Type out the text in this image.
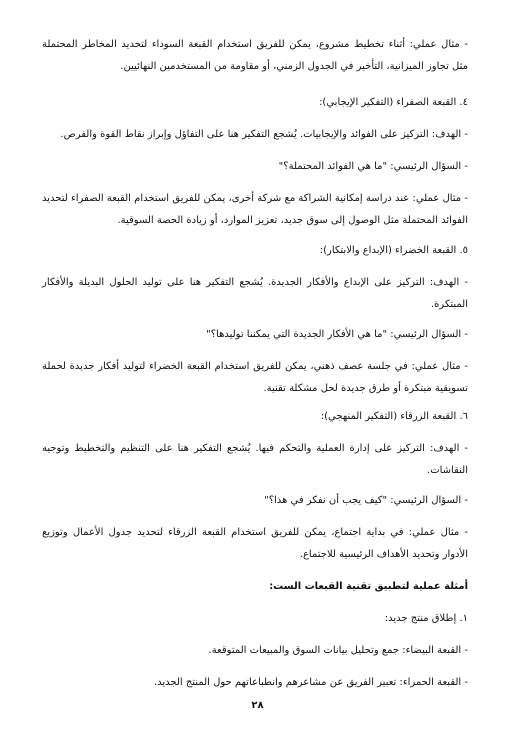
- مثال عملي: أثناء تخطيط مشروع، يمكن للفريق استخدام القبعة السوداء لتحديد المخاطر المحتملة مثل تجاوز الميزانية، التأخير في الجدول الزمني، أو مقاومة من المستخدمين النهائيين.

٤. القبعة الصفراء (التفكير الإيجابي):

- الهدف: التركيز على الفوائد والإيجابيات. يُشجع التفكير هنا على التفاؤل وإبراز نقاط القوة والفرص.

- السؤال الرئيسي: "ما هي الفوائد المحتملة؟"

- مثال عملي: عند دراسة إمكانية الشراكة مع شركة أخرى، يمكن للفريق استخدام القبعة الصفراء لتحديد الفوائد المحتملة مثل الوصول إلى سوق جديد، تعزيز الموارد، أو زيادة الحصة السوقية.

٥. القبعة الخضراء (الإبداع والابتكار):

- الهدف: التركيز على الإبداع والأفكار الجديدة. يُشجع التفكير هنا على توليد الحلول البديلة والأفكار المبتكرة.

- السؤال الرئيسي: "ما هي الأفكار الجديدة التي يمكننا توليدها؟"

- مثال عملي: في جلسة عصف ذهني، يمكن للفريق استخدام القبعة الخضراء لتوليد أفكار جديدة لحملة تسويقية مبتكرة أو طرق جديدة لحل مشكلة تقنية.

٦. القبعة الزرقاء (التفكير المنهجي):

- الهدف: التركيز على إدارة العملية والتحكم فيها. يُشجع التفكير هنا على التنظيم والتخطيط وتوجيه النقاشات.

- السؤال الرئيسي: "كيف يجب أن نفكر في هذا؟"

- مثال عملي: في بداية اجتماع، يمكن للفريق استخدام القبعة الزرقاء لتحديد جدول الأعمال وتوزيع الأدوار وتحديد الأهداف الرئيسية للاجتماع.

أمثلة عملية لتطبيق تقنية القبعات الست:

١. إطلاق منتج جديد:

- القبعة البيضاء: جمع وتحليل بيانات السوق والمبيعات المتوقعة.

- القبعة الحمراء: تعبير الفريق عن مشاعرهم وانطباعاتهم حول المنتج الجديد.

٢٨
